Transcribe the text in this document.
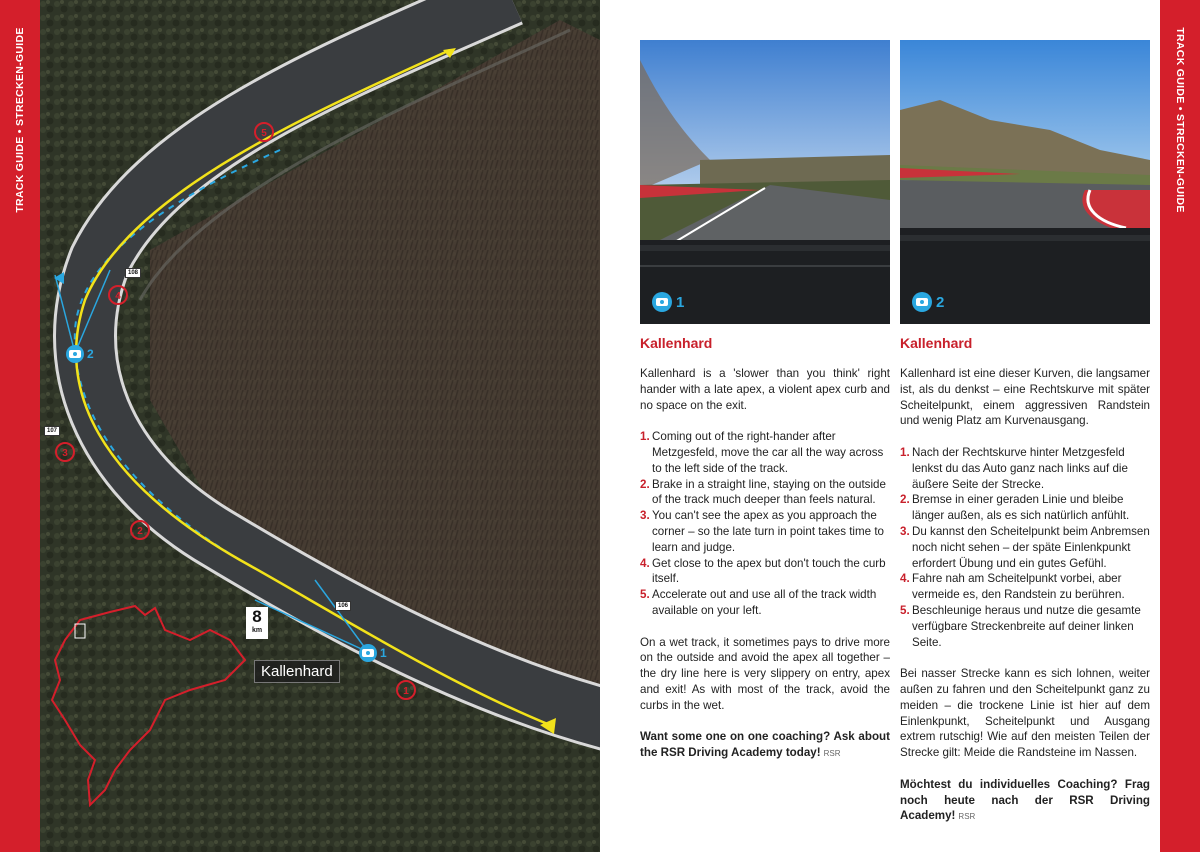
TRACK GUIDE • STRECKEN-GUIDE	5
4
3
2
1
108
107
106
2
1
8
km
Kallenhard
1	2
Kallenhard

Kallenhard is a 'slower than you think' right hander with a late apex, a violent apex curb and no space on the exit.

1. Coming out of the right-hander after Metzgesfeld, move the car all the way across to the left side of the track.
2. Brake in a straight line, staying on the outside of the track much deeper than feels natural.
3. You can't see the apex as you approach the corner – so the late turn in point takes time to learn and judge.
4. Get close to the apex but don't touch the curb itself.
5. Accelerate out and use all of the track width available on your left.

On a wet track, it sometimes pays to drive more on the outside and avoid the apex all together – the dry line here is very slippery on entry, apex and exit! As with most of the track, avoid the curbs in the wet.

Want some one on one coaching? Ask about the RSR Driving Academy today! RSR

Kallenhard

Kallenhard ist eine dieser Kurven, die langsamer ist, als du denkst – eine Rechtskurve mit später Scheitelpunkt, einem aggressiven Randstein und wenig Platz am Kurvenausgang.

1. Nach der Rechtskurve hinter Metzgesfeld lenkst du das Auto ganz nach links auf die äußere Seite der Strecke.
2. Bremse in einer geraden Linie und bleibe länger außen, als es sich natürlich anfühlt.
3. Du kannst den Scheitelpunkt beim Anbremsen noch nicht sehen – der späte Einlenkpunkt erfordert Übung und ein gutes Gefühl.
4. Fahre nah am Scheitelpunkt vorbei, aber vermeide es, den Randstein zu berühren.
5. Beschleunige heraus und nutze die gesamte verfügbare Streckenbreite auf deiner linken Seite.

Bei nasser Strecke kann es sich lohnen, weiter außen zu fahren und den Scheitelpunkt ganz zu meiden – die trockene Linie ist hier auf dem Einlenkpunkt, Scheitelpunkt und Ausgang extrem rutschig! Wie auf den meisten Teilen der Strecke gilt: Meide die Randsteine im Nassen.

Möchtest du individuelles Coaching? Frag noch heute nach der RSR Driving Academy! RSR

TRACK GUIDE • STRECKEN-GUIDE
